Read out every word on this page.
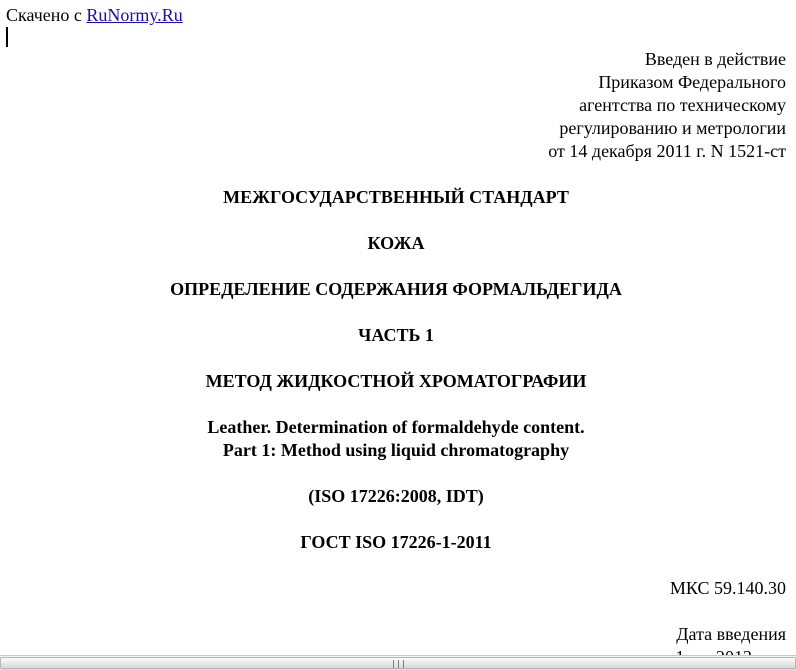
Скачено с RuNormy.Ru
Введен в действие
Приказом Федерального
агентства по техническому
регулированию и метрологии
от 14 декабря 2011 г. N 1521-ст
МЕЖГОСУДАРСТВЕННЫЙ СТАНДАРТ
КОЖА
ОПРЕДЕЛЕНИЕ СОДЕРЖАНИЯ ФОРМАЛЬДЕГИДА
ЧАСТЬ 1
МЕТОД ЖИДКОСТНОЙ ХРОМАТОГРАФИИ
Leather. Determination of formaldehyde content.
Part 1: Method using liquid chromatography
(ISO 17226:2008, IDT)
ГОСТ ISO 17226-1-2011
МКС 59.140.30
Дата введения
